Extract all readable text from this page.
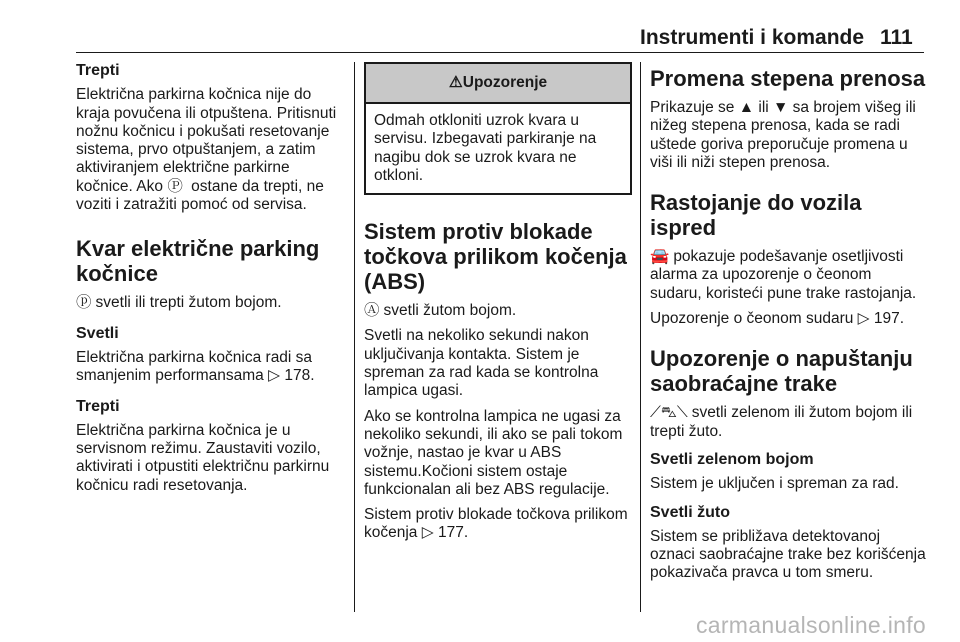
Instrumenti i komande 111
Trepti

Električna parkirna kočnica nije do kraja povučena ili otpuštena. Pritisnuti nožnu kočnicu i pokušati resetovanje sistema, prvo otpuštanjem, a zatim aktiviranjem električne parkirne kočnice. Ako Ⓟ ostane da trepti, ne voziti i zatražiti pomoć od servisa.

Kvar električne parking kočnice

ⓟ svetli ili trepti žutom bojom.

Svetli

Električna parkirna kočnica radi sa smanjenim performansama ▷ 178.

Trepti

Električna parkirna kočnica je u servisnom režimu. Zaustaviti vozilo, aktivirati i otpustiti električnu parkirnu kočnicu radi resetovanja.

⚠Upozorenje
Odmah otkloniti uzrok kvara u servisu. Izbegavati parkiranje na nagibu dok se uzrok kvara ne otkloni.
Sistem protiv blokade točkova prilikom kočenja (ABS)

Ⓐ svetli žutom bojom.

Svetli na nekoliko sekundi nakon uključivanja kontakta. Sistem je spreman za rad kada se kontrolna lampica ugasi.

Ako se kontrolna lampica ne ugasi za nekoliko sekundi, ili ako se pali tokom vožnje, nastao je kvar u ABS sistemu.Kočioni sistem ostaje funkcionalan ali bez ABS regulacije.

Sistem protiv blokade točkova prilikom kočenja ▷ 177.

Promena stepena prenosa

Prikazuje se ▲ ili ▼ sa brojem višeg ili nižeg stepena prenosa, kada se radi uštede goriva preporučuje promena u viši ili niži stepen prenosa.

Rastojanje do vozila ispred

🚘 pokazuje podešavanje osetljivosti alarma za upozorenje o čeonom sudaru, koristeći pune trake rastojanja.

Upozorenje o čeonom sudaru ▷ 197.

Upozorenje o napuštanju saobraćajne trake

⟋⛍⟍ svetli zelenom ili žutom bojom ili trepti žuto.

Svetli zelenom bojom

Sistem je uključen i spreman za rad.

Svetli žuto

Sistem se približava detektovanoj oznaci saobraćajne trake bez korišćenja pokazivača pravca u tom smeru.

carmanualsonline.info
